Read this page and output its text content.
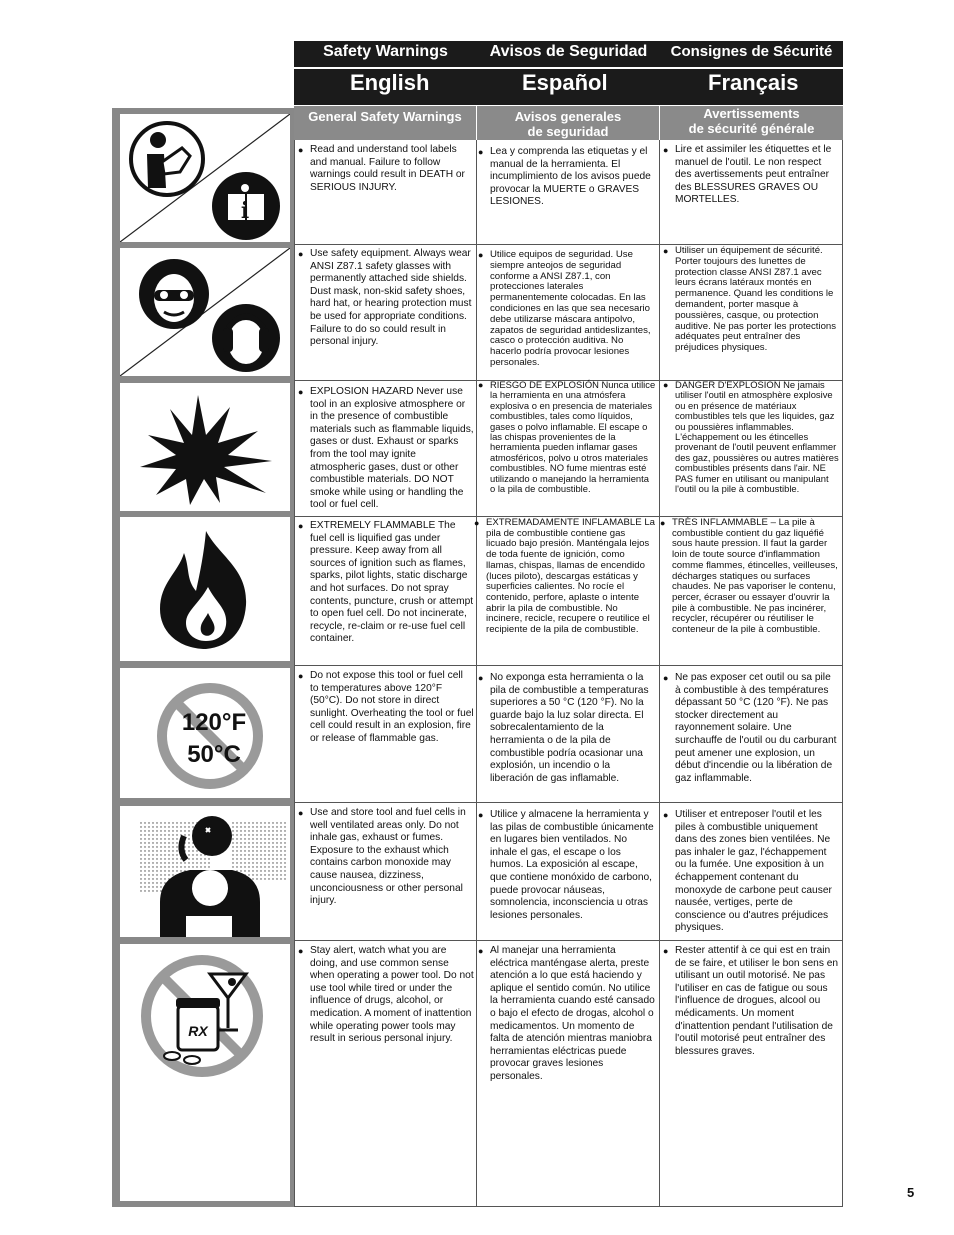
Safety Warnings
English
Avisos de Seguridad
Español
Consignes de Sécurité
Français
i
120°F
50°C
RX
General Safety Warnings	Avisos generales
de seguridad
Avertissements
de sécurité générale
● Read and understand tool labels and manual. Failure to follow warnings could result in DEATH or SERIOUS INJURY.
● Lea y comprenda las etiquetas y el manual de la herramienta. El incumplimiento de los avisos puede provocar la MUERTE o GRAVES LESIONES.
● Lire et assimiler les étiquettes et le manuel de l'outil. Le non respect des avertissements peut entraîner des BLESSURES GRAVES OU MORTELLES.
● Use safety equipment. Always wear ANSI Z87.1 safety glasses with permanently attached side shields. Dust mask, non-skid safety shoes, hard hat, or hearing protection must be used for appropriate conditions. Failure to do so could result in personal injury.
● Utilice equipos de seguridad. Use siempre anteojos de seguridad conforme a ANSI Z87.1, con protecciones laterales permanentemente colocadas. En las condiciones en las que sea necesario debe utilizarse máscara antipolvo, zapatos de seguridad antideslizantes, casco o protección auditiva. No hacerlo podría provocar lesiones personales.
● Utiliser un équipement de sécurité. Porter toujours des lunettes de protection classe ANSI Z87.1 avec leurs écrans latéraux montés en permanence. Quand les conditions le demandent, porter masque à poussières, casque, ou protection auditive. Ne pas porter les protections adéquates peut entraîner des préjudices physiques.
● EXPLOSION HAZARD Never use tool in an explosive atmosphere or in the presence of combustible materials such as flammable liquids, gases or dust. Exhaust or sparks from the tool may ignite atmospheric gases, dust or other combustible materials. DO NOT smoke while using or handling the tool or fuel cell.
● RIESGO DE EXPLOSIÓN Nunca utilice la herramienta en una atmósfera explosiva o en presencia de materiales combustibles, tales como líquidos, gases o polvo inflamable. El escape o las chispas provenientes de la herramienta pueden inflamar gases atmosféricos, polvo u otros materiales combustibles. NO fume mientras esté utilizando o manejando la herramienta o la pila de combustible.
● DANGER D'EXPLOSION Ne jamais utiliser l'outil en atmosphère explosive ou en présence de matériaux combustibles tels que les liquides, gaz ou poussières inflammables. L'échappement ou les étincelles provenant de l'outil peuvent enflammer des gaz, poussières ou autres matières combustibles présents dans l'air. NE PAS fumer en utilisant ou manipulant l'outil ou la pile à combustible.
● EXTREMELY FLAMMABLE The fuel cell is liquified gas under pressure. Keep away from all sources of ignition such as flames, sparks, pilot lights, static discharge and hot surfaces. Do not spray contents, puncture, crush or attempt to open fuel cell. Do not incinerate, recycle, re-claim or re-use fuel cell container.
● EXTREMADAMENTE INFLAMABLE La pila de combustible contiene gas licuado bajo presión. Manténgala lejos de toda fuente de ignición, como llamas, chispas, llamas de encendido (luces piloto), descargas estáticas y superficies calientes. No rocíe el contenido, perfore, aplaste o intente abrir la pila de combustible. No incinere, recicle, recupere o reutilice el recipiente de la pila de combustible.
● TRÈS INFLAMMABLE – La pile à combustible contient du gaz liquéfié sous haute pression. Il faut la garder loin de toute source d'inflammation comme flammes, étincelles, veilleuses, décharges statiques ou surfaces chaudes. Ne pas vaporiser le contenu, percer, écraser ou essayer d'ouvrir la pile à combustible. Ne pas incinérer, recycler, récupérer ou réutiliser le conteneur de la pile à combustible.
● Do not expose this tool or fuel cell to temperatures above 120°F (50°C). Do not store in direct sunlight. Overheating the tool or fuel cell could result in an explosion, fire or release of flammable gas.
● No exponga esta herramienta o la pila de combustible a temperaturas superiores a 50 °C (120 °F). No la guarde bajo la luz solar directa. El sobrecalentamiento de la herramienta o de la pila de combustible podría ocasionar una explosión, un incendio o la liberación de gas inflamable.
● Ne pas exposer cet outil ou sa pile à combustible à des températures dépassant 50 °C (120 °F). Ne pas stocker directement au rayonnement solaire. Une surchauffe de l'outil ou du carburant peut amener une explosion, un début d'incendie ou la libération de gaz inflammable.
● Use and store tool and fuel cells in well ventilated areas only. Do not inhale gas, exhaust or fumes. Exposure to the exhaust which contains carbon monoxide may cause nausea, dizziness, unconciousness or other personal injury.
● Utilice y almacene la herramienta y las pilas de combustible únicamente en lugares bien ventilados. No inhale el gas, el escape o los humos. La exposición al escape, que contiene monóxido de carbono, puede provocar náuseas, somnolencia, inconsciencia u otras lesiones personales.
● Utiliser et entreposer l'outil et les piles à combustible uniquement dans des zones bien ventilées. Ne pas inhaler le gaz, l'échappement ou la fumée. Une exposition à un échappement contenant du monoxyde de carbone peut causer nausée, vertiges, perte de conscience ou d'autres préjudices physiques.
● Stay alert, watch what you are doing, and use common sense when operating a power tool. Do not use tool while tired or under the influence of drugs, alcohol, or medication. A moment of inattention while operating power tools may result in serious personal injury.
● Al manejar una herramienta eléctrica manténgase alerta, preste atención a lo que está haciendo y aplique el sentido común. No utilice la herramienta cuando esté cansado o bajo el efecto de drogas, alcohol o medicamentos. Un momento de falta de atención mientras maniobra herramientas eléctricas puede provocar graves lesiones personales.
● Rester attentif à ce qui est en train de se faire, et utiliser le bon sens en utilisant un outil motorisé. Ne pas l'utiliser en cas de fatigue ou sous l'influence de drogues, alcool ou médicaments. Un moment d'inattention pendant l'utilisation de l'outil motorisé peut entraîner des blessures graves.
5
